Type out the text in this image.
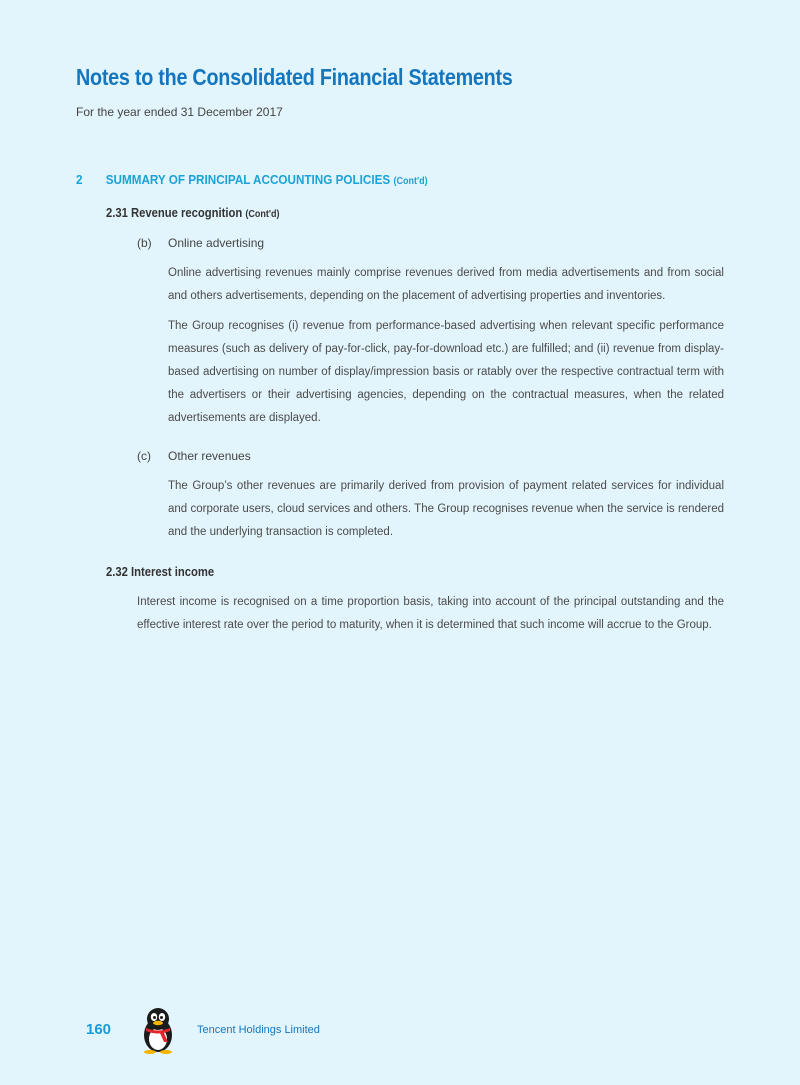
Notes to the Consolidated Financial Statements
For the year ended 31 December 2017
2 SUMMARY OF PRINCIPAL ACCOUNTING POLICIES (Cont'd)
2.31 Revenue recognition (Cont'd)
(b) Online advertising

Online advertising revenues mainly comprise revenues derived from media advertisements and from social and others advertisements, depending on the placement of advertising properties and inventories.

The Group recognises (i) revenue from performance-based advertising when relevant specific performance measures (such as delivery of pay-for-click, pay-for-download etc.) are fulfilled; and (ii) revenue from display-based advertising on number of display/impression basis or ratably over the respective contractual term with the advertisers or their advertising agencies, depending on the contractual measures, when the related advertisements are displayed.

(c) Other revenues

The Group’s other revenues are primarily derived from provision of payment related services for individual and corporate users, cloud services and others. The Group recognises revenue when the service is rendered and the underlying transaction is completed.

2.32 Interest income

Interest income is recognised on a time proportion basis, taking into account of the principal outstanding and the effective interest rate over the period to maturity, when it is determined that such income will accrue to the Group.

160	Tencent Holdings Limited
